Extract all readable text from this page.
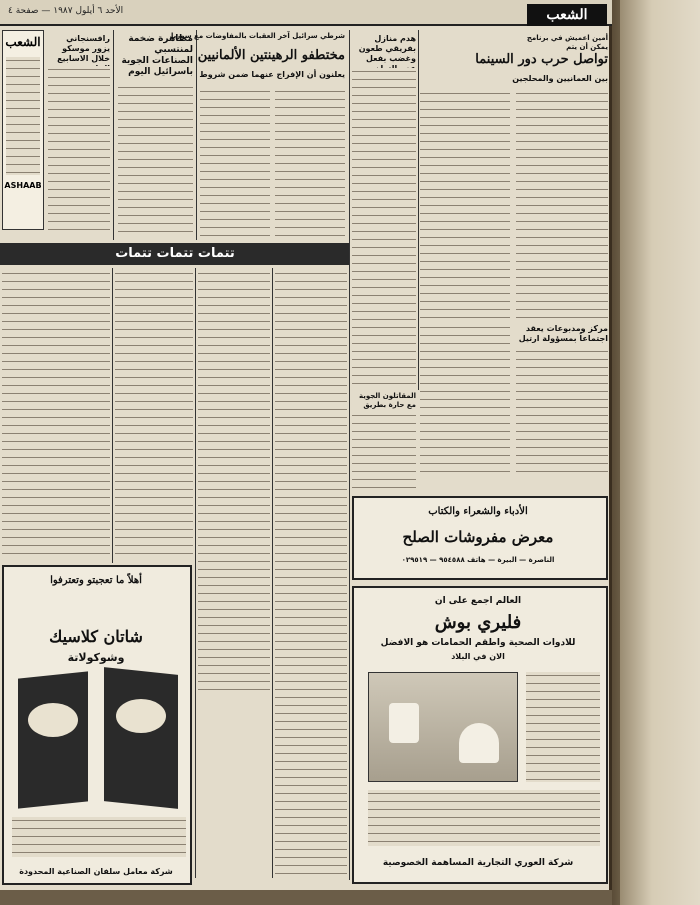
الأحد ٦ أيلول ١٩٨٧ — صفحة ٤	الشعب
الشعب
ASHAAB
رافسنجاني يزور موسكو خلال الاسابيع
مظاهرة ضخمة لمنتسبي الصناعات الجوية باسرائيل اليوم
شرطي سرائيل آخر العقبات بالمفاوضات مع سوريا
مختطفو الرهينتين الألمانيين
يعلنون أن الإفراج عنهما ضمن شروط
تتمات تتمات تتمات
أهلاً ما تعجبتو وتعترفوا
شاتان كلاسيك
وشوكولاتة
شركة معامل سلفان الصناعية المحدودة
أمين اعميش في برنامج يمكن أن يتم
تواصل حرب دور السينما
بين العمانيين والمحلجين
هدم منازل بفريقي طعون وغضب بفعل
مركز ومدبوعات يعقد اجتماعاً بمسؤولة ارتيل
المقاتلون الجوية مع حارة بطريق
الأدباء والشعراء والكتاب
معرض مفروشات الصلح
الناصرة — البيرة — هاتف ٩٥٤٥٨٨ — ٠٢٩٥١٩
العالم اجمع على ان
فليري بوش
للادوات الصحية واطقم الحمامات هو الافضل
الان في البلاد
شركة العوري التجارية المساهمة الخصوصية
